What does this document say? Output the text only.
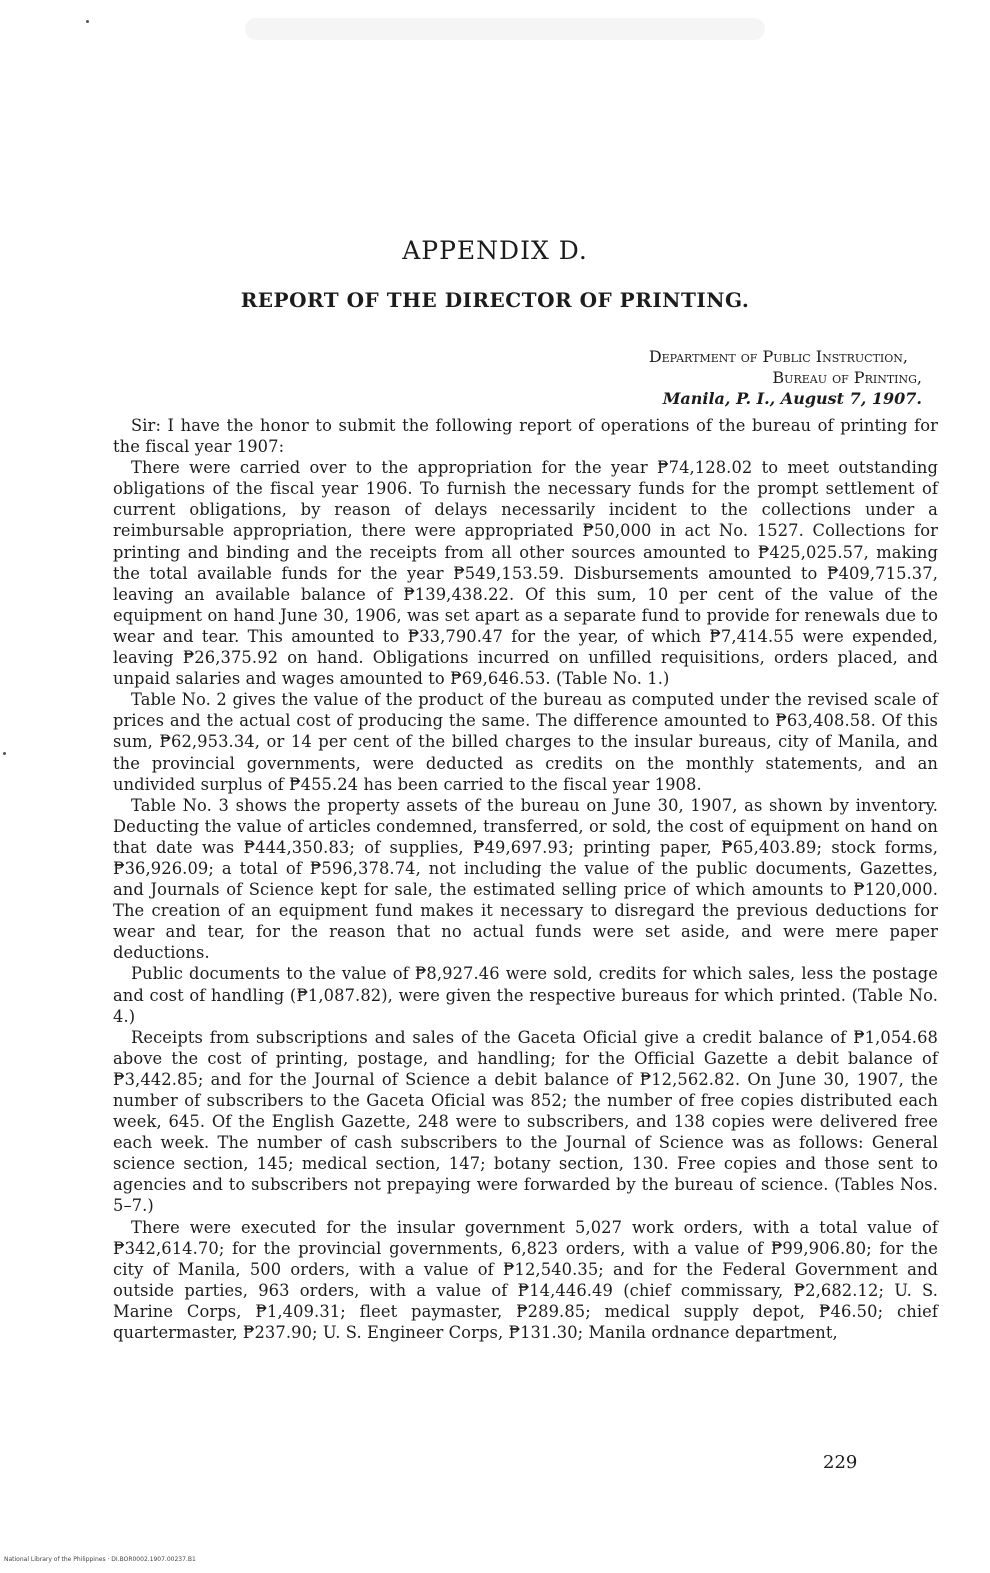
APPENDIX D.
REPORT OF THE DIRECTOR OF PRINTING.
Department of Public Instruction,
Bureau of Printing,
Manila, P. I., August 7, 1907.

Sir: I have the honor to submit the following report of operations of the bureau of printing for the fiscal year 1907:

There were carried over to the appropriation for the year ₱74,128.02 to meet outstanding obligations of the fiscal year 1906. To furnish the necessary funds for the prompt settlement of current obligations, by reason of delays necessarily incident to the collections under a reimbursable appropriation, there were appropriated ₱50,000 in act No. 1527. Collections for printing and binding and the receipts from all other sources amounted to ₱425,025.57, making the total available funds for the year ₱549,153.59. Disbursements amounted to ₱409,715.37, leaving an available balance of ₱139,438.22. Of this sum, 10 per cent of the value of the equipment on hand June 30, 1906, was set apart as a separate fund to provide for renewals due to wear and tear. This amounted to ₱33,790.47 for the year, of which ₱7,414.55 were expended, leaving ₱26,375.92 on hand. Obligations incurred on unfilled requisitions, orders placed, and unpaid salaries and wages amounted to ₱69,646.53. (Table No. 1.)

Table No. 2 gives the value of the product of the bureau as computed under the revised scale of prices and the actual cost of producing the same. The difference amounted to ₱63,408.58. Of this sum, ₱62,953.34, or 14 per cent of the billed charges to the insular bureaus, city of Manila, and the provincial governments, were deducted as credits on the monthly statements, and an undivided surplus of ₱455.24 has been carried to the fiscal year 1908.

Table No. 3 shows the property assets of the bureau on June 30, 1907, as shown by inventory. Deducting the value of articles condemned, transferred, or sold, the cost of equipment on hand on that date was ₱444,350.83; of supplies, ₱49,697.93; printing paper, ₱65,403.89; stock forms, ₱36,926.09; a total of ₱596,378.74, not including the value of the public documents, Gazettes, and Journals of Science kept for sale, the estimated selling price of which amounts to ₱120,000. The creation of an equipment fund makes it necessary to disregard the previous deductions for wear and tear, for the reason that no actual funds were set aside, and were mere paper deductions.

Public documents to the value of ₱8,927.46 were sold, credits for which sales, less the postage and cost of handling (₱1,087.82), were given the respective bureaus for which printed. (Table No. 4.)

Receipts from subscriptions and sales of the Gaceta Oficial give a credit balance of ₱1,054.68 above the cost of printing, postage, and handling; for the Official Gazette a debit balance of ₱3,442.85; and for the Journal of Science a debit balance of ₱12,562.82. On June 30, 1907, the number of subscribers to the Gaceta Oficial was 852; the number of free copies distributed each week, 645. Of the English Gazette, 248 were to subscribers, and 138 copies were delivered free each week. The number of cash subscribers to the Journal of Science was as follows: General science section, 145; medical section, 147; botany section, 130. Free copies and those sent to agencies and to subscribers not prepaying were forwarded by the bureau of science. (Tables Nos. 5–7.)

There were executed for the insular government 5,027 work orders, with a total value of ₱342,614.70; for the provincial governments, 6,823 orders, with a value of ₱99,906.80; for the city of Manila, 500 orders, with a value of ₱12,540.35; and for the Federal Government and outside parties, 963 orders, with a value of ₱14,446.49 (chief commissary, ₱2,682.12; U. S. Marine Corps, ₱1,409.31; fleet paymaster, ₱289.85; medical supply depot, ₱46.50; chief quartermaster, ₱237.90; U. S. Engineer Corps, ₱131.30; Manila ordnance department,

229
National Library of the Philippines · DI.BOR0002.1907.00237.B1
